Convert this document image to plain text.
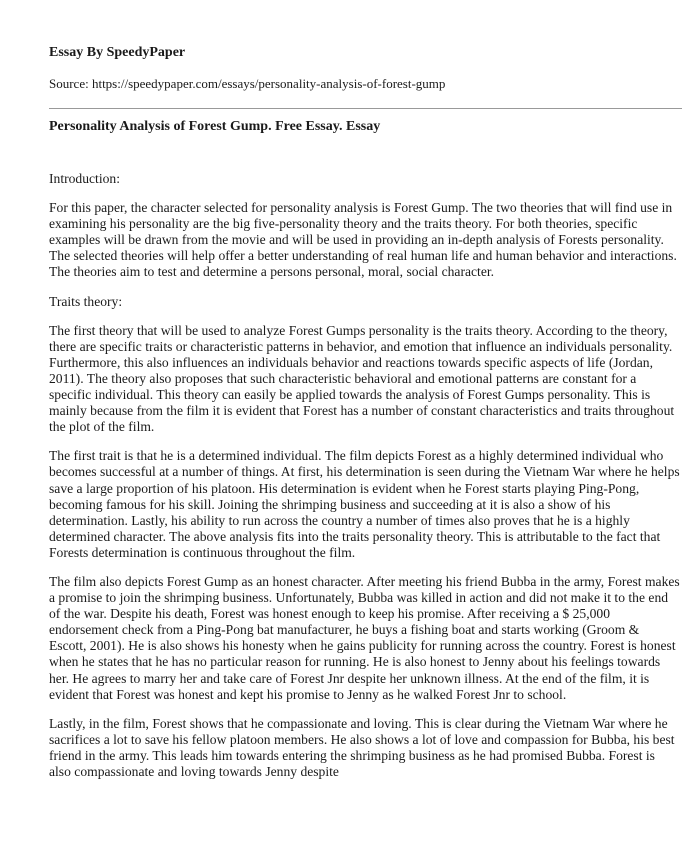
Essay By SpeedyPaper
Source: https://speedypaper.com/essays/personality-analysis-of-forest-gump
Personality Analysis of Forest Gump. Free Essay. Essay

Introduction:

For this paper, the character selected for personality analysis is Forest Gump. The two theories that will find use in examining his personality are the big five-personality theory and the traits theory. For both theories, specific examples will be drawn from the movie and will be used in providing an in-depth analysis of Forests personality. The selected theories will help offer a better understanding of real human life and human behavior and interactions. The theories aim to test and determine a persons personal, moral, social character.

Traits theory:

The first theory that will be used to analyze Forest Gumps personality is the traits theory. According to the theory, there are specific traits or characteristic patterns in behavior, and emotion that influence an individuals personality. Furthermore, this also influences an individuals behavior and reactions towards specific aspects of life (Jordan, 2011). The theory also proposes that such characteristic behavioral and emotional patterns are constant for a specific individual. This theory can easily be applied towards the analysis of Forest Gumps personality. This is mainly because from the film it is evident that Forest has a number of constant characteristics and traits throughout the plot of the film.

The first trait is that he is a determined individual. The film depicts Forest as a highly determined individual who becomes successful at a number of things. At first, his determination is seen during the Vietnam War where he helps save a large proportion of his platoon. His determination is evident when he Forest starts playing Ping-Pong, becoming famous for his skill. Joining the shrimping business and succeeding at it is also a show of his determination. Lastly, his ability to run across the country a number of times also proves that he is a highly determined character. The above analysis fits into the traits personality theory. This is attributable to the fact that Forests determination is continuous throughout the film.

The film also depicts Forest Gump as an honest character. After meeting his friend Bubba in the army, Forest makes a promise to join the shrimping business. Unfortunately, Bubba was killed in action and did not make it to the end of the war. Despite his death, Forest was honest enough to keep his promise. After receiving a $ 25,000 endorsement check from a Ping-Pong bat manufacturer, he buys a fishing boat and starts working (Groom & Escott, 2001). He is also shows his honesty when he gains publicity for running across the country. Forest is honest when he states that he has no particular reason for running. He is also honest to Jenny about his feelings towards her. He agrees to marry her and take care of Forest Jnr despite her unknown illness. At the end of the film, it is evident that Forest was honest and kept his promise to Jenny as he walked Forest Jnr to school.

Lastly, in the film, Forest shows that he compassionate and loving. This is clear during the Vietnam War where he sacrifices a lot to save his fellow platoon members. He also shows a lot of love and compassion for Bubba, his best friend in the army. This leads him towards entering the shrimping business as he had promised Bubba. Forest is also compassionate and loving towards Jenny despite
